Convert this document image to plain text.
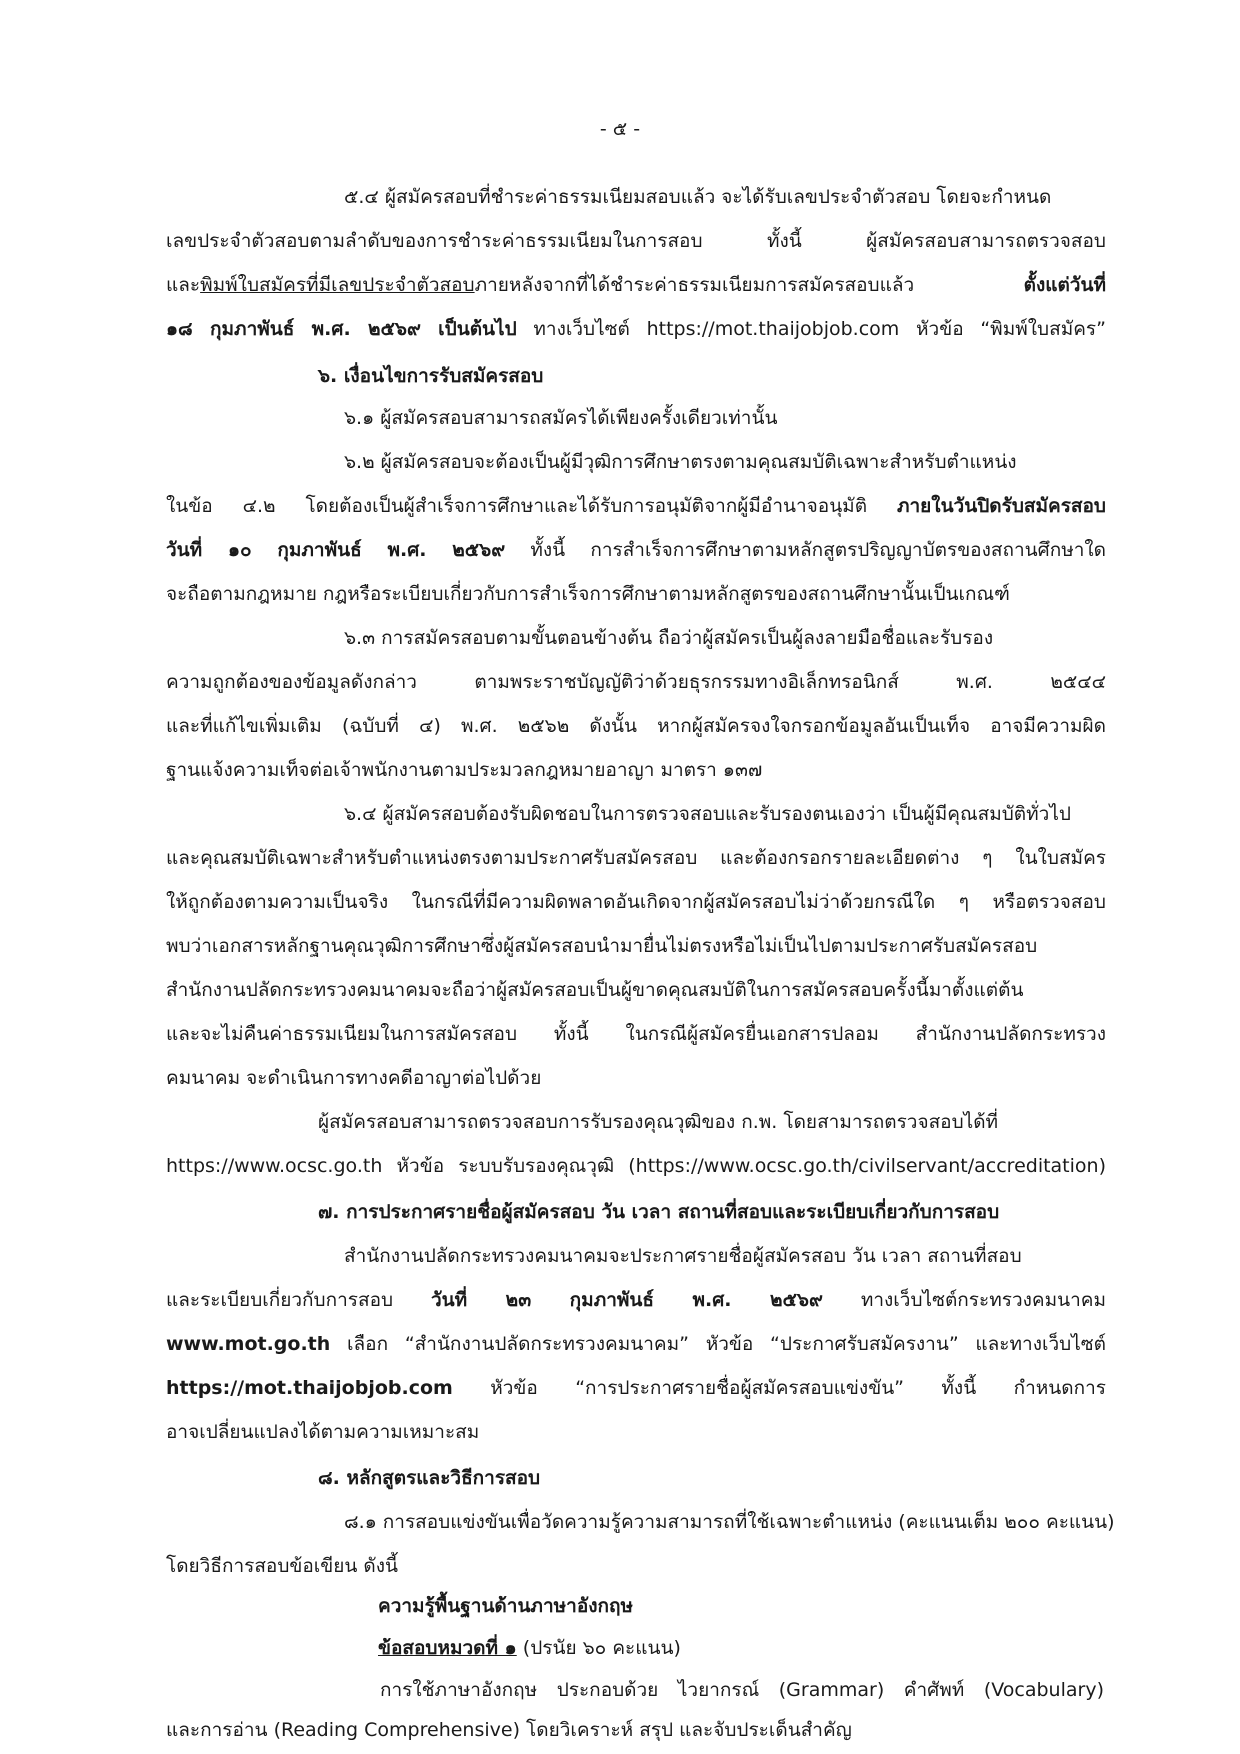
- ๕ -
๕.๔ ผู้สมัครสอบที่ชำระค่าธรรมเนียมสอบแล้ว จะได้รับเลขประจำตัวสอบ โดยจะกำหนด
เลขประจำตัวสอบตามลำดับของการชำระค่าธรรมเนียมในการสอบ ทั้งนี้ ผู้สมัครสอบสามารถตรวจสอบ
และพิมพ์ใบสมัครที่มีเลขประจำตัวสอบภายหลังจากที่ได้ชำระค่าธรรมเนียมการสมัครสอบแล้ว	ตั้งแต่วันที่
๑๘ กุมภาพันธ์ พ.ศ. ๒๕๖๙ เป็นต้นไป ทางเว็บไซต์ https://mot.thaijobjob.com หัวข้อ “พิมพ์ใบสมัคร”
๖. เงื่อนไขการรับสมัครสอบ
๖.๑ ผู้สมัครสอบสามารถสมัครได้เพียงครั้งเดียวเท่านั้น
๖.๒ ผู้สมัครสอบจะต้องเป็นผู้มีวุฒิการศึกษาตรงตามคุณสมบัติเฉพาะสำหรับตำแหน่ง
ในข้อ ๔.๒ โดยต้องเป็นผู้สำเร็จการศึกษาและได้รับการอนุมัติจากผู้มีอำนาจอนุมัติ ภายในวันปิดรับสมัครสอบ
วันที่ ๑๐ กุมภาพันธ์ พ.ศ. ๒๕๖๙ ทั้งนี้ การสำเร็จการศึกษาตามหลักสูตรปริญญาบัตรของสถานศึกษาใด
จะถือตามกฎหมาย กฎหรือระเบียบเกี่ยวกับการสำเร็จการศึกษาตามหลักสูตรของสถานศึกษานั้นเป็นเกณฑ์
๖.๓ การสมัครสอบตามขั้นตอนข้างต้น ถือว่าผู้สมัครเป็นผู้ลงลายมือชื่อและรับรอง
ความถูกต้องของข้อมูลดังกล่าว ตามพระราชบัญญัติว่าด้วยธุรกรรมทางอิเล็กทรอนิกส์ พ.ศ. ๒๕๔๔
และที่แก้ไขเพิ่มเติม (ฉบับที่ ๔) พ.ศ. ๒๕๖๒ ดังนั้น หากผู้สมัครจงใจกรอกข้อมูลอันเป็นเท็จ อาจมีความผิด
ฐานแจ้งความเท็จต่อเจ้าพนักงานตามประมวลกฎหมายอาญา มาตรา ๑๓๗
๖.๔ ผู้สมัครสอบต้องรับผิดชอบในการตรวจสอบและรับรองตนเองว่า เป็นผู้มีคุณสมบัติทั่วไป
และคุณสมบัติเฉพาะสำหรับตำแหน่งตรงตามประกาศรับสมัครสอบ และต้องกรอกรายละเอียดต่าง ๆ ในใบสมัคร
ให้ถูกต้องตามความเป็นจริง ในกรณีที่มีความผิดพลาดอันเกิดจากผู้สมัครสอบไม่ว่าด้วยกรณีใด ๆ หรือตรวจสอบ
พบว่าเอกสารหลักฐานคุณวุฒิการศึกษาซึ่งผู้สมัครสอบนำมายื่นไม่ตรงหรือไม่เป็นไปตามประกาศรับสมัครสอบ
สำนักงานปลัดกระทรวงคมนาคมจะถือว่าผู้สมัครสอบเป็นผู้ขาดคุณสมบัติในการสมัครสอบครั้งนี้มาตั้งแต่ต้น
และจะไม่คืนค่าธรรมเนียมในการสมัครสอบ ทั้งนี้ ในกรณีผู้สมัครยื่นเอกสารปลอม สำนักงานปลัดกระทรวง
คมนาคม จะดำเนินการทางคดีอาญาต่อไปด้วย
ผู้สมัครสอบสามารถตรวจสอบการรับรองคุณวุฒิของ ก.พ. โดยสามารถตรวจสอบได้ที่
https://www.ocsc.go.th หัวข้อ ระบบรับรองคุณวุฒิ (https://www.ocsc.go.th/civilservant/accreditation)
๗. การประกาศรายชื่อผู้สมัครสอบ วัน เวลา สถานที่สอบและระเบียบเกี่ยวกับการสอบ
สำนักงานปลัดกระทรวงคมนาคมจะประกาศรายชื่อผู้สมัครสอบ วัน เวลา สถานที่สอบ
และระเบียบเกี่ยวกับการสอบ วันที่ ๒๓ กุมภาพันธ์ พ.ศ. ๒๕๖๙ ทางเว็บไซต์กระทรวงคมนาคม
www.mot.go.th เลือก “สำนักงานปลัดกระทรวงคมนาคม” หัวข้อ “ประกาศรับสมัครงาน” และทางเว็บไซต์
https://mot.thaijobjob.com หัวข้อ “การประกาศรายชื่อผู้สมัครสอบแข่งขัน” ทั้งนี้ กำหนดการ
อาจเปลี่ยนแปลงได้ตามความเหมาะสม
๘. หลักสูตรและวิธีการสอบ
๘.๑ การสอบแข่งขันเพื่อวัดความรู้ความสามารถที่ใช้เฉพาะตำแหน่ง (คะแนนเต็ม ๒๐๐ คะแนน)
โดยวิธีการสอบข้อเขียน ดังนี้
ความรู้พื้นฐานด้านภาษาอังกฤษ
ข้อสอบหมวดที่ ๑ (ปรนัย ๖๐ คะแนน)
การใช้ภาษาอังกฤษ ประกอบด้วย ไวยากรณ์ (Grammar) คำศัพท์ (Vocabulary)
และการอ่าน (Reading Comprehensive) โดยวิเคราะห์ สรุป และจับประเด็นสำคัญ
